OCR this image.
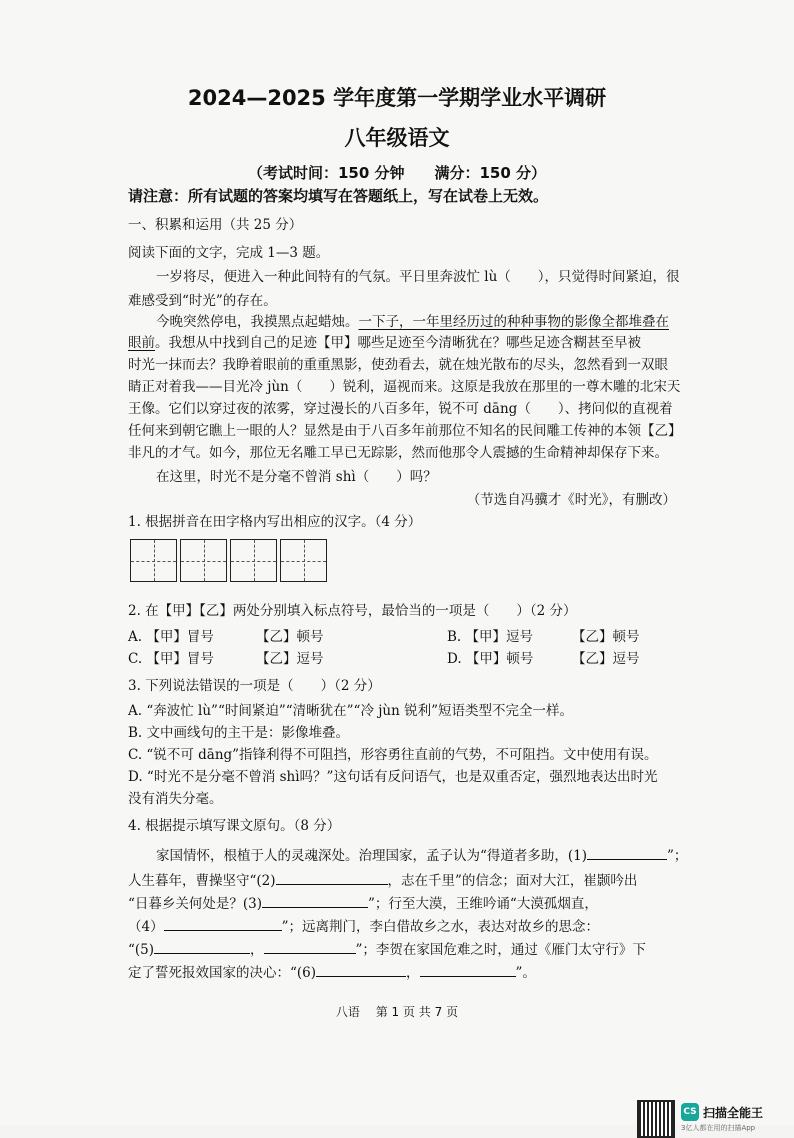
2024—2025 学年度第一学期学业水平调研
八年级语文
（考试时间：150 分钟　　满分：150 分）
请注意：所有试题的答案均填写在答题纸上，写在试卷上无效。
一、积累和运用（共 25 分）
阅读下面的文字，完成 1—3 题。
一岁将尽，便进入一种此间特有的气氛。平日里奔波忙 lù（　　），只觉得时间紧迫，很
难感受到“时光”的存在。
今晚突然停电，我摸黑点起蜡烛。一下子，一年里经历过的种种事物的影像全都堆叠在
眼前。我想从中找到自己的足迹【甲】哪些足迹至今清晰犹在？哪些足迹含糊甚至早被
时光一抹而去？我睁着眼前的重重黑影，使劲看去，就在烛光散布的尽头，忽然看到一双眼
睛正对着我——目光冷 jùn（　　）锐利，逼视而来。这原是我放在那里的一尊木雕的北宋天
王像。它们以穿过夜的浓雾，穿过漫长的八百多年，锐不可 dāng（　　）、拷问似的直视着
任何来到朝它瞧上一眼的人？显然是由于八百多年前那位不知名的民间雕工传神的本领【乙】
非凡的才气。如今，那位无名雕工早已无踪影，然而他那令人震撼的生命精神却保存下来。
在这里，时光不是分毫不曾消 shì（　　）吗？
（节选自冯骥才《时光》，有删改）
1. 根据拼音在田字格内写出相应的汉字。（4 分）
2. 在【甲】【乙】两处分别填入标点符号，最恰当的一项是（　　）（2 分）
A. 【甲】冒号	【乙】顿号	B. 【甲】逗号	【乙】顿号
C. 【甲】冒号	【乙】逗号	D. 【甲】顿号	【乙】逗号
3. 下列说法错误的一项是（　　）（2 分）
A. “奔波忙 lù”“时间紧迫”“清晰犹在”“冷 jùn 锐利”短语类型不完全一样。
B. 文中画线句的主干是：影像堆叠。
C. “锐不可 dāng”指锋利得不可阻挡，形容勇往直前的气势，不可阻挡。文中使用有误。
D. “时光不是分毫不曾消 shì吗？”这句话有反问语气，也是双重否定，强烈地表达出时光
没有消失分毫。
4. 根据提示填写课文原句。（8 分）
家国情怀，根植于人的灵魂深处。治理国家，孟子认为“得道者多助，(1)	”；
人生暮年，曹操坚守“(2)	，志在千里”的信念；面对大江，崔颢吟出
“日暮乡关何处是？(3)	”；行至大漠，王维吟诵“大漠孤烟直，
（4）	”；远离荆门，李白借故乡之水，表达对故乡的思念：
“(5)	，	”；李贺在家国危难之时，通过《雁门太守行》下
定了誓死报效国家的决心：“(6)	，	”。
八语　 第 1 页 共 7 页
CS 扫描全能王
3亿人都在用的扫描App
